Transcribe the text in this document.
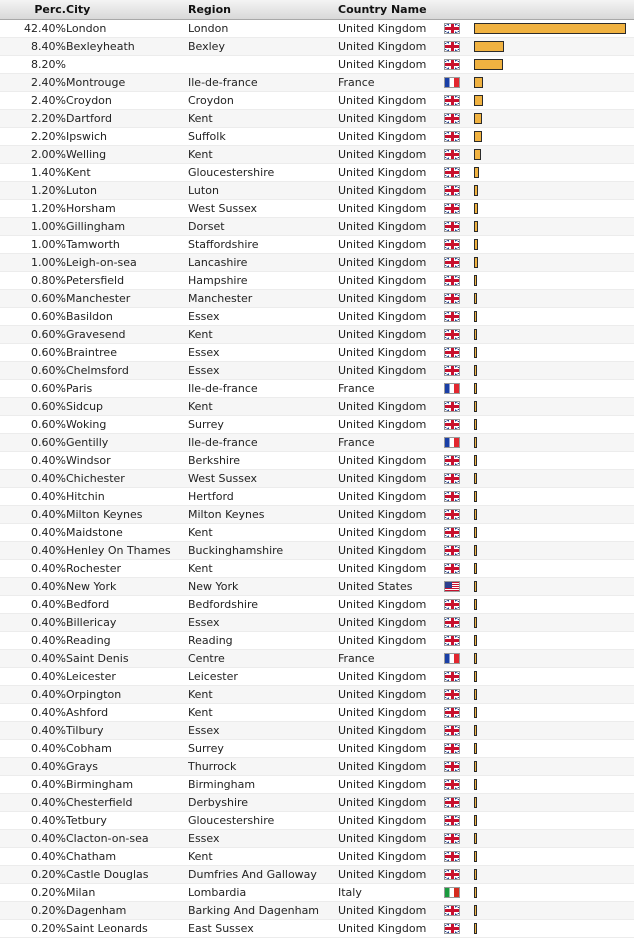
Perc.	City	Region	Country Name		
42.40%	London	London	United Kingdom		

8.40%	Bexleyheath	Bexley	United Kingdom		

8.20%			United Kingdom		

2.40%	Montrouge	Ile-de-france	France		

2.40%	Croydon	Croydon	United Kingdom		

2.20%	Dartford	Kent	United Kingdom		

2.20%	Ipswich	Suffolk	United Kingdom		

2.00%	Welling	Kent	United Kingdom		

1.40%	Kent	Gloucestershire	United Kingdom		

1.20%	Luton	Luton	United Kingdom		

1.20%	Horsham	West Sussex	United Kingdom		

1.00%	Gillingham	Dorset	United Kingdom		

1.00%	Tamworth	Staffordshire	United Kingdom		

1.00%	Leigh-on-sea	Lancashire	United Kingdom		

0.80%	Petersfield	Hampshire	United Kingdom		

0.60%	Manchester	Manchester	United Kingdom		

0.60%	Basildon	Essex	United Kingdom		

0.60%	Gravesend	Kent	United Kingdom		

0.60%	Braintree	Essex	United Kingdom		

0.60%	Chelmsford	Essex	United Kingdom		

0.60%	Paris	Ile-de-france	France		

0.60%	Sidcup	Kent	United Kingdom		

0.60%	Woking	Surrey	United Kingdom		

0.60%	Gentilly	Ile-de-france	France		

0.40%	Windsor	Berkshire	United Kingdom		

0.40%	Chichester	West Sussex	United Kingdom		

0.40%	Hitchin	Hertford	United Kingdom		

0.40%	Milton Keynes	Milton Keynes	United Kingdom		

0.40%	Maidstone	Kent	United Kingdom		

0.40%	Henley On Thames	Buckinghamshire	United Kingdom		

0.40%	Rochester	Kent	United Kingdom		

0.40%	New York	New York	United States		

0.40%	Bedford	Bedfordshire	United Kingdom		

0.40%	Billericay	Essex	United Kingdom		

0.40%	Reading	Reading	United Kingdom		

0.40%	Saint Denis	Centre	France		

0.40%	Leicester	Leicester	United Kingdom		

0.40%	Orpington	Kent	United Kingdom		

0.40%	Ashford	Kent	United Kingdom		

0.40%	Tilbury	Essex	United Kingdom		

0.40%	Cobham	Surrey	United Kingdom		

0.40%	Grays	Thurrock	United Kingdom		

0.40%	Birmingham	Birmingham	United Kingdom		

0.40%	Chesterfield	Derbyshire	United Kingdom		

0.40%	Tetbury	Gloucestershire	United Kingdom		

0.40%	Clacton-on-sea	Essex	United Kingdom		

0.40%	Chatham	Kent	United Kingdom		

0.20%	Castle Douglas	Dumfries And Galloway	United Kingdom		

0.20%	Milan	Lombardia	Italy		

0.20%	Dagenham	Barking And Dagenham	United Kingdom		

0.20%	Saint Leonards	East Sussex	United Kingdom		
